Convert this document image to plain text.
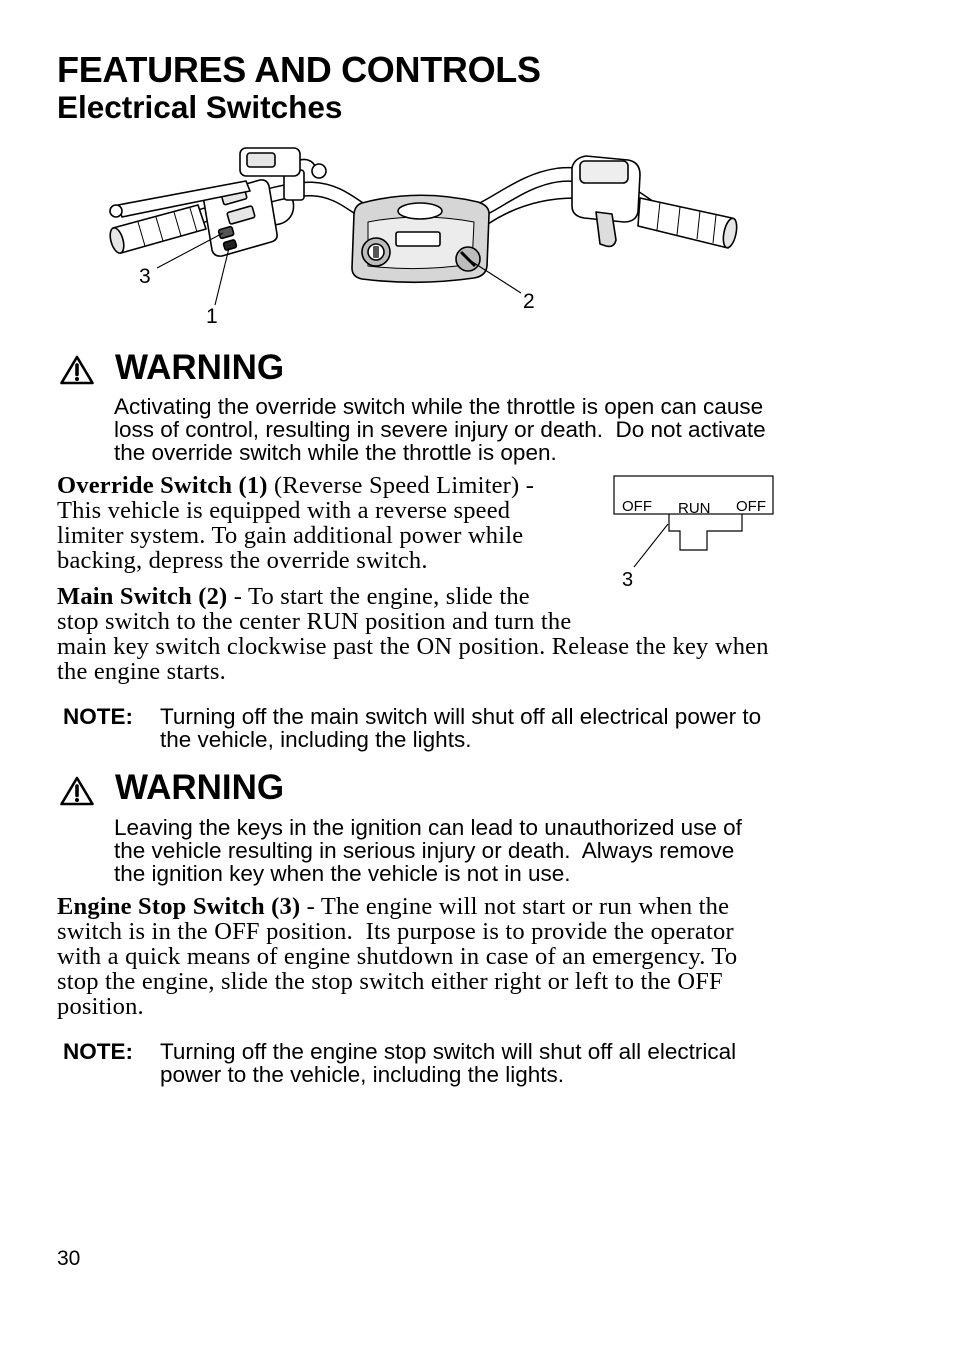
FEATURES AND CONTROLS
Electrical Switches
3
1
2
WARNING
Activating the override switch while the throttle is open can cause
loss of control, resulting in severe injury or death.  Do not activate
the override switch while the throttle is open.
Override Switch (1) (Reverse Speed Limiter) -
This vehicle is equipped with a reverse speed
limiter system. To gain additional power while
backing, depress the override switch.
OFF RUN OFF
3
Main Switch (2) - To start the engine, slide the
stop switch to the center RUN position and turn the
main key switch clockwise past the ON position. Release the key when
the engine starts.
NOTE: Turning off the main switch will shut off all electrical power to
the vehicle, including the lights.
WARNING
Leaving the keys in the ignition can lead to unauthorized use of
the vehicle resulting in serious injury or death.  Always remove
the ignition key when the vehicle is not in use.
Engine Stop Switch (3) - The engine will not start or run when the
switch is in the OFF position.  Its purpose is to provide the operator
with a quick means of engine shutdown in case of an emergency. To
stop the engine, slide the stop switch either right or left to the OFF
position.
NOTE: Turning off the engine stop switch will shut off all electrical
power to the vehicle, including the lights.
30
